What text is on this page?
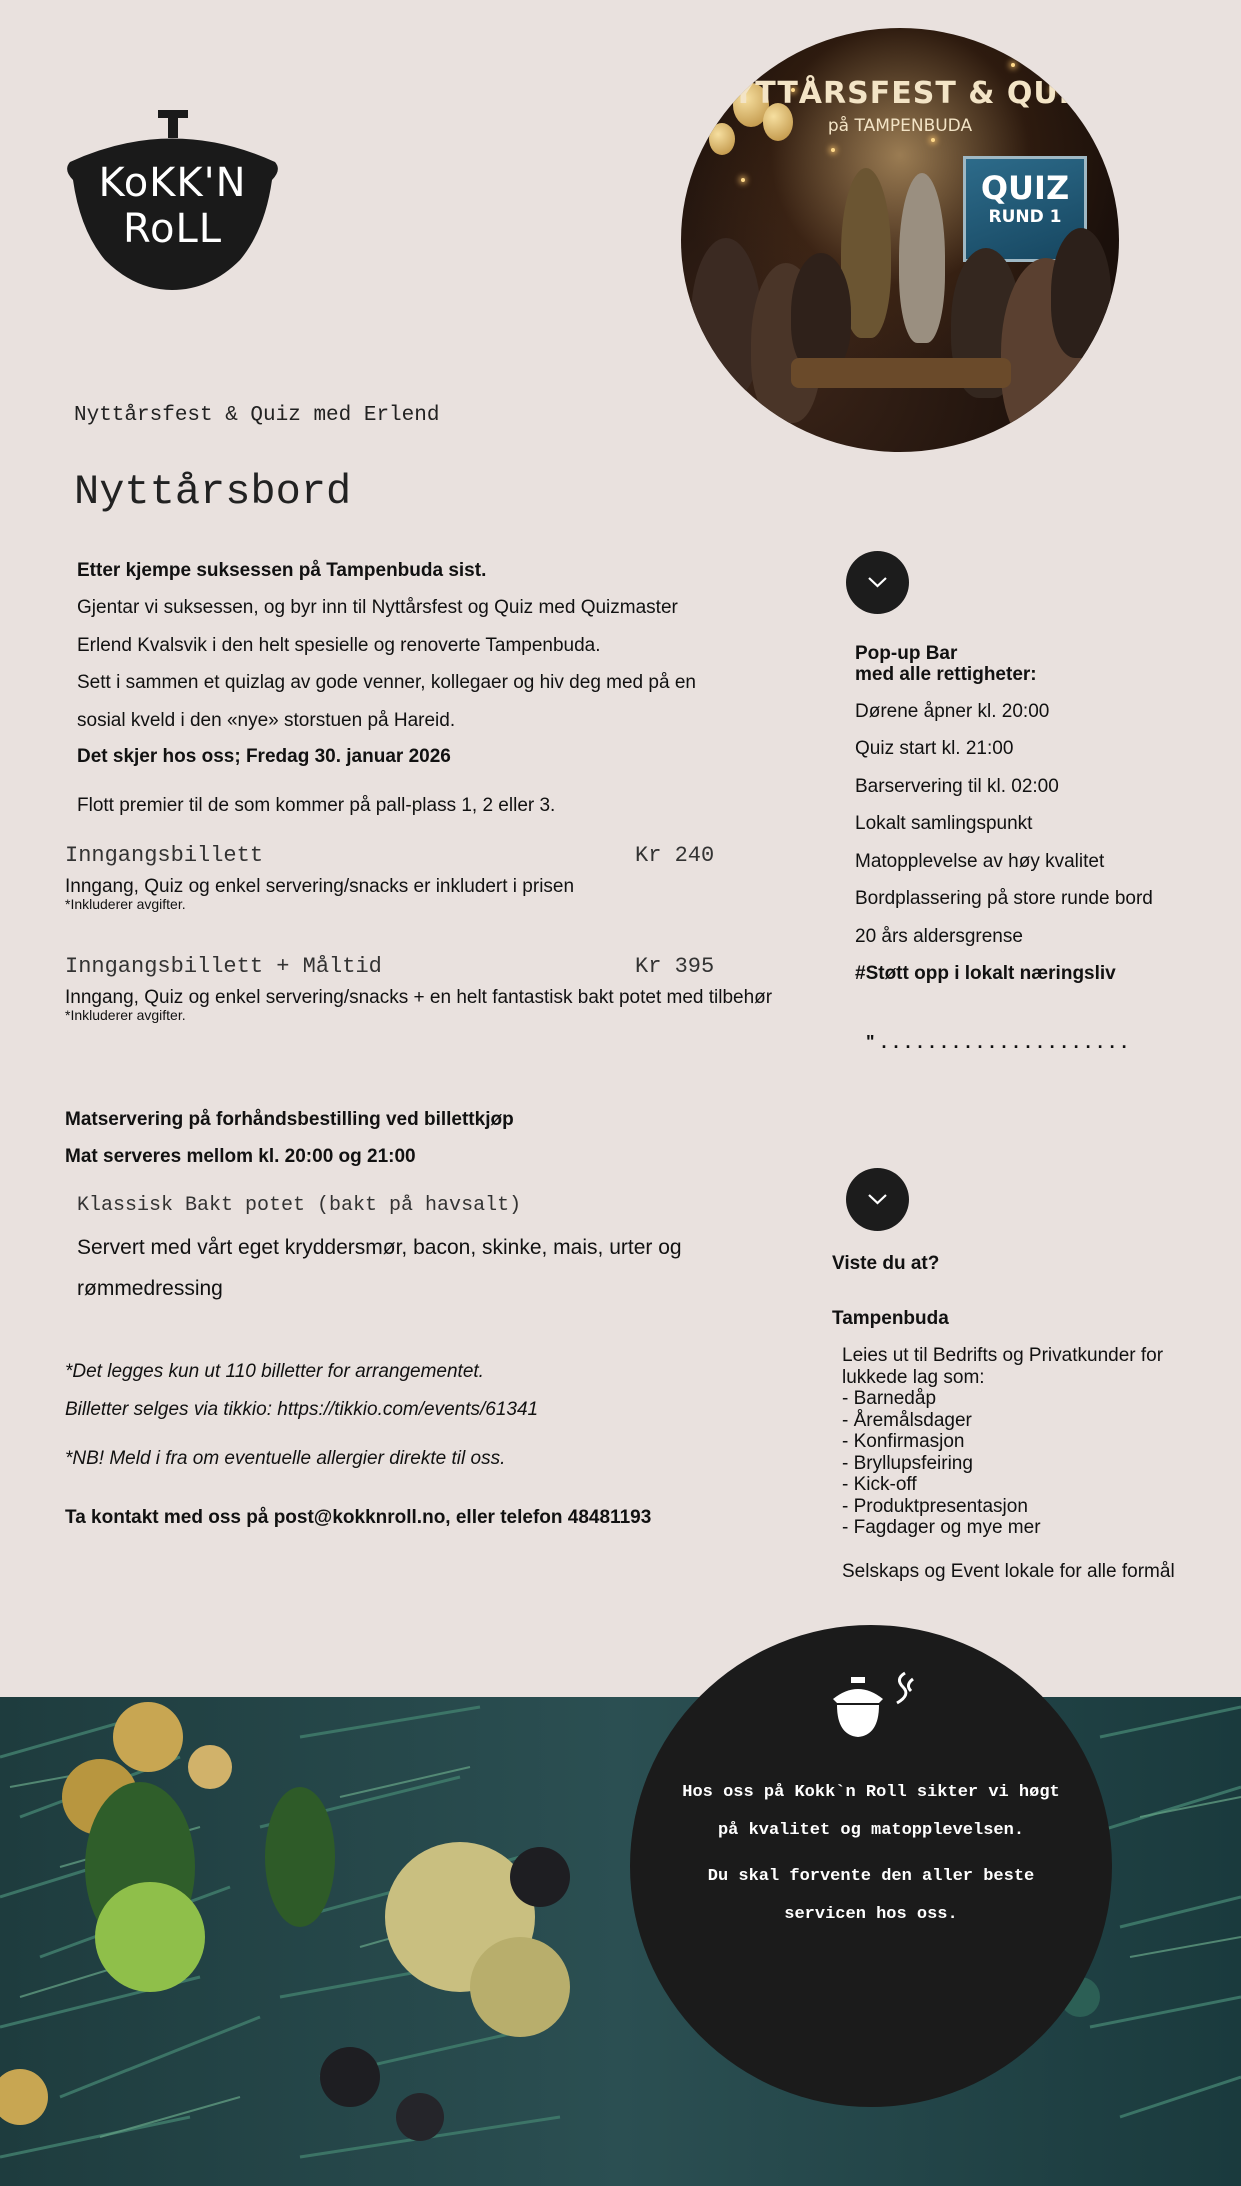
KoKK'N
RoLL
NYTTÅRSFEST & QUIZ
på TAMPENBUDA
QUIZ
RUND 1
Nyttårsfest & Quiz med Erlend
Nyttårsbord
Etter kjempe suksessen på Tampenbuda sist.
Gjentar vi suksessen, og byr inn til Nyttårsfest og Quiz med Quizmaster
Erlend Kvalsvik i den helt spesielle og renoverte Tampenbuda.
Sett i sammen et quizlag av gode venner, kollegaer og hiv deg med på en
sosial kveld i den «nye» storstuen på Hareid.
Det skjer hos oss; Fredag 30. januar 2026
Flott premier til de som kommer på pall-plass 1, 2 eller 3.
Inngangsbillett	Kr 240
Inngang, Quiz og enkel servering/snacks er inkludert i prisen
*Inkluderer avgifter.
Inngangsbillett + Måltid	Kr 395
Inngang, Quiz og enkel servering/snacks + en helt fantastisk bakt potet med tilbehør
*Inkluderer avgifter.
Matservering på forhåndsbestilling ved billettkjøp
Mat serveres mellom kl. 20:00 og 21:00
Klassisk Bakt potet (bakt på havsalt)
Servert med vårt eget kryddersmør, bacon, skinke, mais, urter og
rømmedressing
*Det legges kun ut 110 billetter for arrangementet.
Billetter selges via tikkio: https://tikkio.com/events/61341
*NB! Meld i fra om eventuelle allergier direkte til oss.
Ta kontakt med oss på post@kokknroll.no, eller telefon 48481193
Pop-up Bar
med alle rettigheter:
Dørene åpner kl. 20:00
Quiz start kl. 21:00
Barservering til kl. 02:00
Lokalt samlingspunkt
Matopplevelse av høy kvalitet
Bordplassering på store runde bord
20 års aldersgrense
#Støtt opp i lokalt næringsliv
" . . . . . . . . . . . . . . . . . . . . .
Viste du at?
Tampenbuda
Leies ut til Bedrifts og Privatkunder for
lukkede lag som:
- Barnedåp
- Åremålsdager
- Konfirmasjon
- Bryllupsfeiring
- Kick-off
- Produktpresentasjon
- Fagdager og mye mer
Selskaps og Event lokale for alle formål
Hos oss på Kokk`n Roll sikter vi høgt
på kvalitet og matopplevelsen.
Du skal forvente den aller beste
servicen hos oss.
